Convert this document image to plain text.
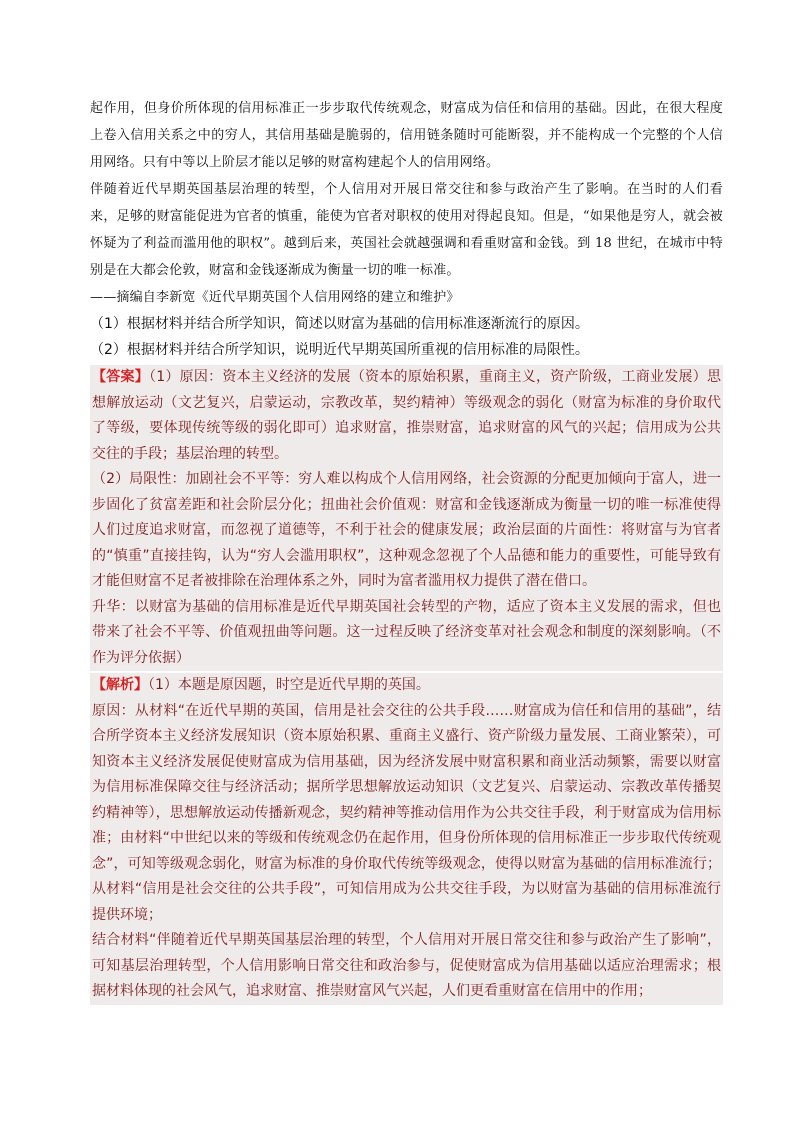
起作用，但身价所体现的信用标准正一步步取代传统观念，财富成为信任和信用的基础。因此，在很大程度上卷入信用关系之中的穷人，其信用基础是脆弱的，信用链条随时可能断裂，并不能构成一个完整的个人信用网络。只有中等以上阶层才能以足够的财富构建起个人的信用网络。

伴随着近代早期英国基层治理的转型，个人信用对开展日常交往和参与政治产生了影响。在当时的人们看来，足够的财富能促进为官者的慎重，能使为官者对职权的使用对得起良知。但是，“如果他是穷人，就会被怀疑为了利益而滥用他的职权”。越到后来，英国社会就越强调和看重财富和金钱。到 18 世纪，在城市中特别是在大都会伦敦，财富和金钱逐渐成为衡量一切的唯一标准。

——摘编自李新宽《近代早期英国个人信用网络的建立和维护》

（1）根据材料并结合所学知识，简述以财富为基础的信用标准逐渐流行的原因。

（2）根据材料并结合所学知识，说明近代早期英国所重视的信用标准的局限性。

【答案】（1）原因：资本主义经济的发展（资本的原始积累，重商主义，资产阶级，工商业发展）思想解放运动（文艺复兴，启蒙运动，宗教改革，契约精神）等级观念的弱化（财富为标准的身价取代了等级，要体现传统等级的弱化即可）追求财富，推崇财富，追求财富的风气的兴起；信用成为公共交往的手段；基层治理的转型。

（2）局限性：加剧社会不平等：穷人难以构成个人信用网络，社会资源的分配更加倾向于富人，进一步固化了贫富差距和社会阶层分化；扭曲社会价值观：财富和金钱逐渐成为衡量一切的唯一标准使得人们过度追求财富，而忽视了道德等，不利于社会的健康发展；政治层面的片面性：将财富与为官者的“慎重”直接挂钩，认为“穷人会滥用职权”，这种观念忽视了个人品德和能力的重要性，可能导致有才能但财富不足者被排除在治理体系之外，同时为富者滥用权力提供了潜在借口。

升华：以财富为基础的信用标准是近代早期英国社会转型的产物，适应了资本主义发展的需求，但也带来了社会不平等、价值观扭曲等问题。这一过程反映了经济变革对社会观念和制度的深刻影响。（不作为评分依据）

【解析】（1）本题是原因题，时空是近代早期的英国。

原因：从材料“在近代早期的英国，信用是社会交往的公共手段……财富成为信任和信用的基础”，结合所学资本主义经济发展知识（资本原始积累、重商主义盛行、资产阶级力量发展、工商业繁荣），可知资本主义经济发展促使财富成为信用基础，因为经济发展中财富积累和商业活动频繁，需要以财富为信用标准保障交往与经济活动；据所学思想解放运动知识（文艺复兴、启蒙运动、宗教改革传播契约精神等），思想解放运动传播新观念，契约精神等推动信用作为公共交往手段，利于财富成为信用标准；由材料“中世纪以来的等级和传统观念仍在起作用，但身份所体现的信用标准正一步步取代传统观念”，可知等级观念弱化，财富为标准的身价取代传统等级观念，使得以财富为基础的信用标准流行；从材料“信用是社会交往的公共手段”，可知信用成为公共交往手段，为以财富为基础的信用标准流行提供环境；

结合材料“伴随着近代早期英国基层治理的转型，个人信用对开展日常交往和参与政治产生了影响”，可知基层治理转型，个人信用影响日常交往和政治参与，促使财富成为信用基础以适应治理需求；根据材料体现的社会风气，追求财富、推崇财富风气兴起，人们更看重财富在信用中的作用；
